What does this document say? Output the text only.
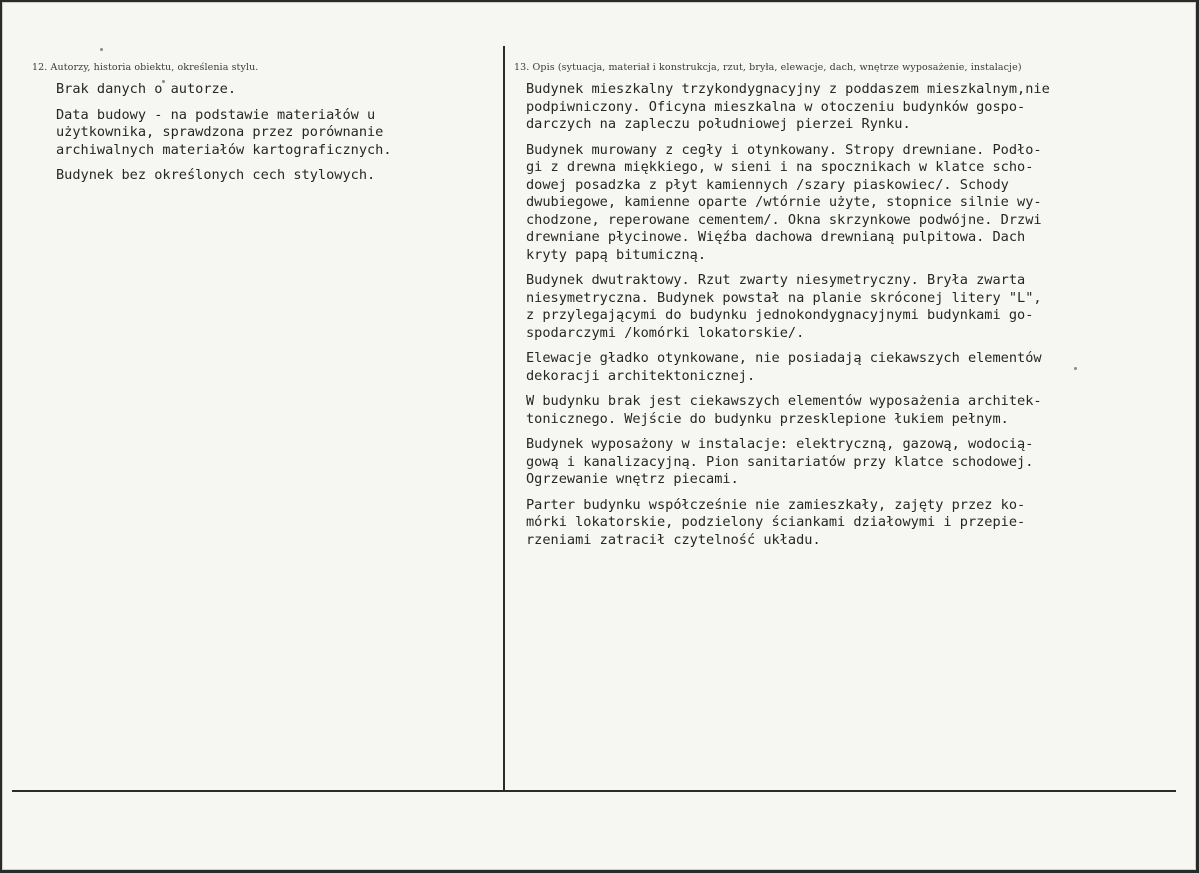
12. Autorzy, historia obiektu, określenia stylu.
Brak danych o autorze.
Data budowy - na podstawie materiałów u
użytkownika, sprawdzona przez porównanie
archiwalnych materiałów kartograficznych.
Budynek bez określonych cech stylowych.
13. Opis (sytuacja, materiał i konstrukcja, rzut, bryła, elewacje, dach, wnętrze wyposażenie, instalacje)
Budynek mieszkalny trzykondygnacyjny z poddaszem mieszkalnym,nie
podpiwniczony. Oficyna mieszkalna w otoczeniu budynków gospo-
darczych na zapleczu południowej pierzei Rynku.
Budynek murowany z cegły i otynkowany. Stropy drewniane. Podło-
gi z drewna miękkiego, w sieni i na spocznikach w klatce scho-
dowej posadzka z płyt kamiennych /szary piaskowiec/. Schody
dwubiegowe, kamienne oparte /wtórnie użyte, stopnice silnie wy-
chodzone, reperowane cementem/. Okna skrzynkowe podwójne. Drzwi
drewniane płycinowe. Więźba dachowa drewnianą pulpitowa. Dach
kryty papą bitumiczną.
Budynek dwutraktowy. Rzut zwarty niesymetryczny. Bryła zwarta
niesymetryczna. Budynek powstał na planie skróconej litery "L",
z przylegającymi do budynku jednokondygnacyjnymi budynkami go-
spodarczymi /komórki lokatorskie/.
Elewacje gładko otynkowane, nie posiadają ciekawszych elementów
dekoracji architektonicznej.
W budynku brak jest ciekawszych elementów wyposażenia architek-
tonicznego. Wejście do budynku przesklepione łukiem pełnym.
Budynek wyposażony w instalacje: elektryczną, gazową, wodocią-
gową i kanalizacyjną. Pion sanitariatów przy klatce schodowej.
Ogrzewanie wnętrz piecami.
Parter budynku współcześnie nie zamieszkały, zajęty przez ko-
mórki lokatorskie, podzielony ściankami działowymi i przepie-
rzeniami zatracił czytelność układu.
